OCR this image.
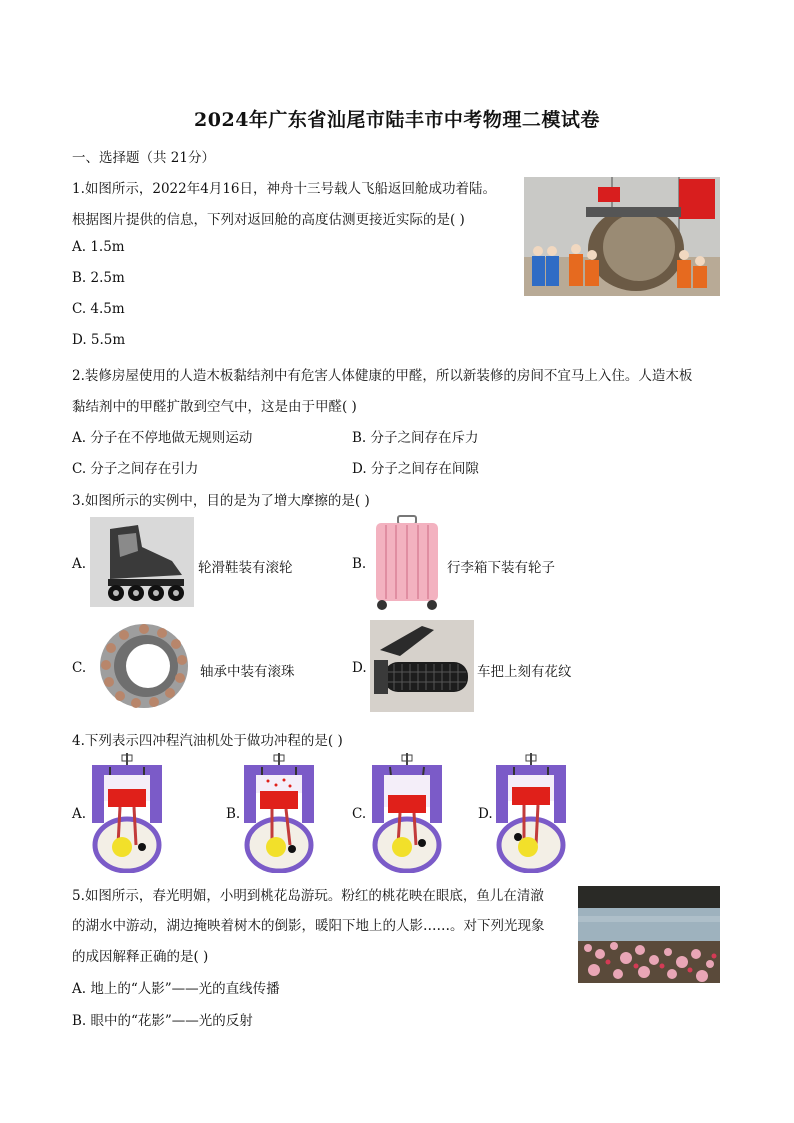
2024年广东省汕尾市陆丰市中考物理二模试卷
一、选择题（共 21分）
1.如图所示，2022年4月16日，神舟十三号载人飞船返回舱成功着陆。
根据图片提供的信息，下列对返回舱的高度估测更接近实际的是( )
A. 1.5m
B. 2.5m
C. 4.5m
D. 5.5m
2.装修房屋使用的人造木板黏结剂中有危害人体健康的甲醛，所以新装修的房间不宜马上入住。人造木板
黏结剂中的甲醛扩散到空气中，这是由于甲醛( )
A. 分子在不停地做无规则运动	B. 分子之间存在斥力
C. 分子之间存在引力	D. 分子之间存在间隙
3.如图所示的实例中，目的是为了增大摩擦的是( )
A.	轮滑鞋装有滚轮	B.	行李箱下装有轮子
C.	轴承中装有滚珠	D.	车把上刻有花纹
4.下列表示四冲程汽油机处于做功冲程的是( )
A.	B.	C.	D.
5.如图所示，春光明媚，小明到桃花岛游玩。粉红的桃花映在眼底，鱼儿在清澈
的湖水中游动，湖边掩映着树木的倒影，暖阳下地上的人影……。对下列光现象
的成因解释正确的是( )
A. 地上的“人影”——光的直线传播
B. 眼中的“花影”——光的反射
